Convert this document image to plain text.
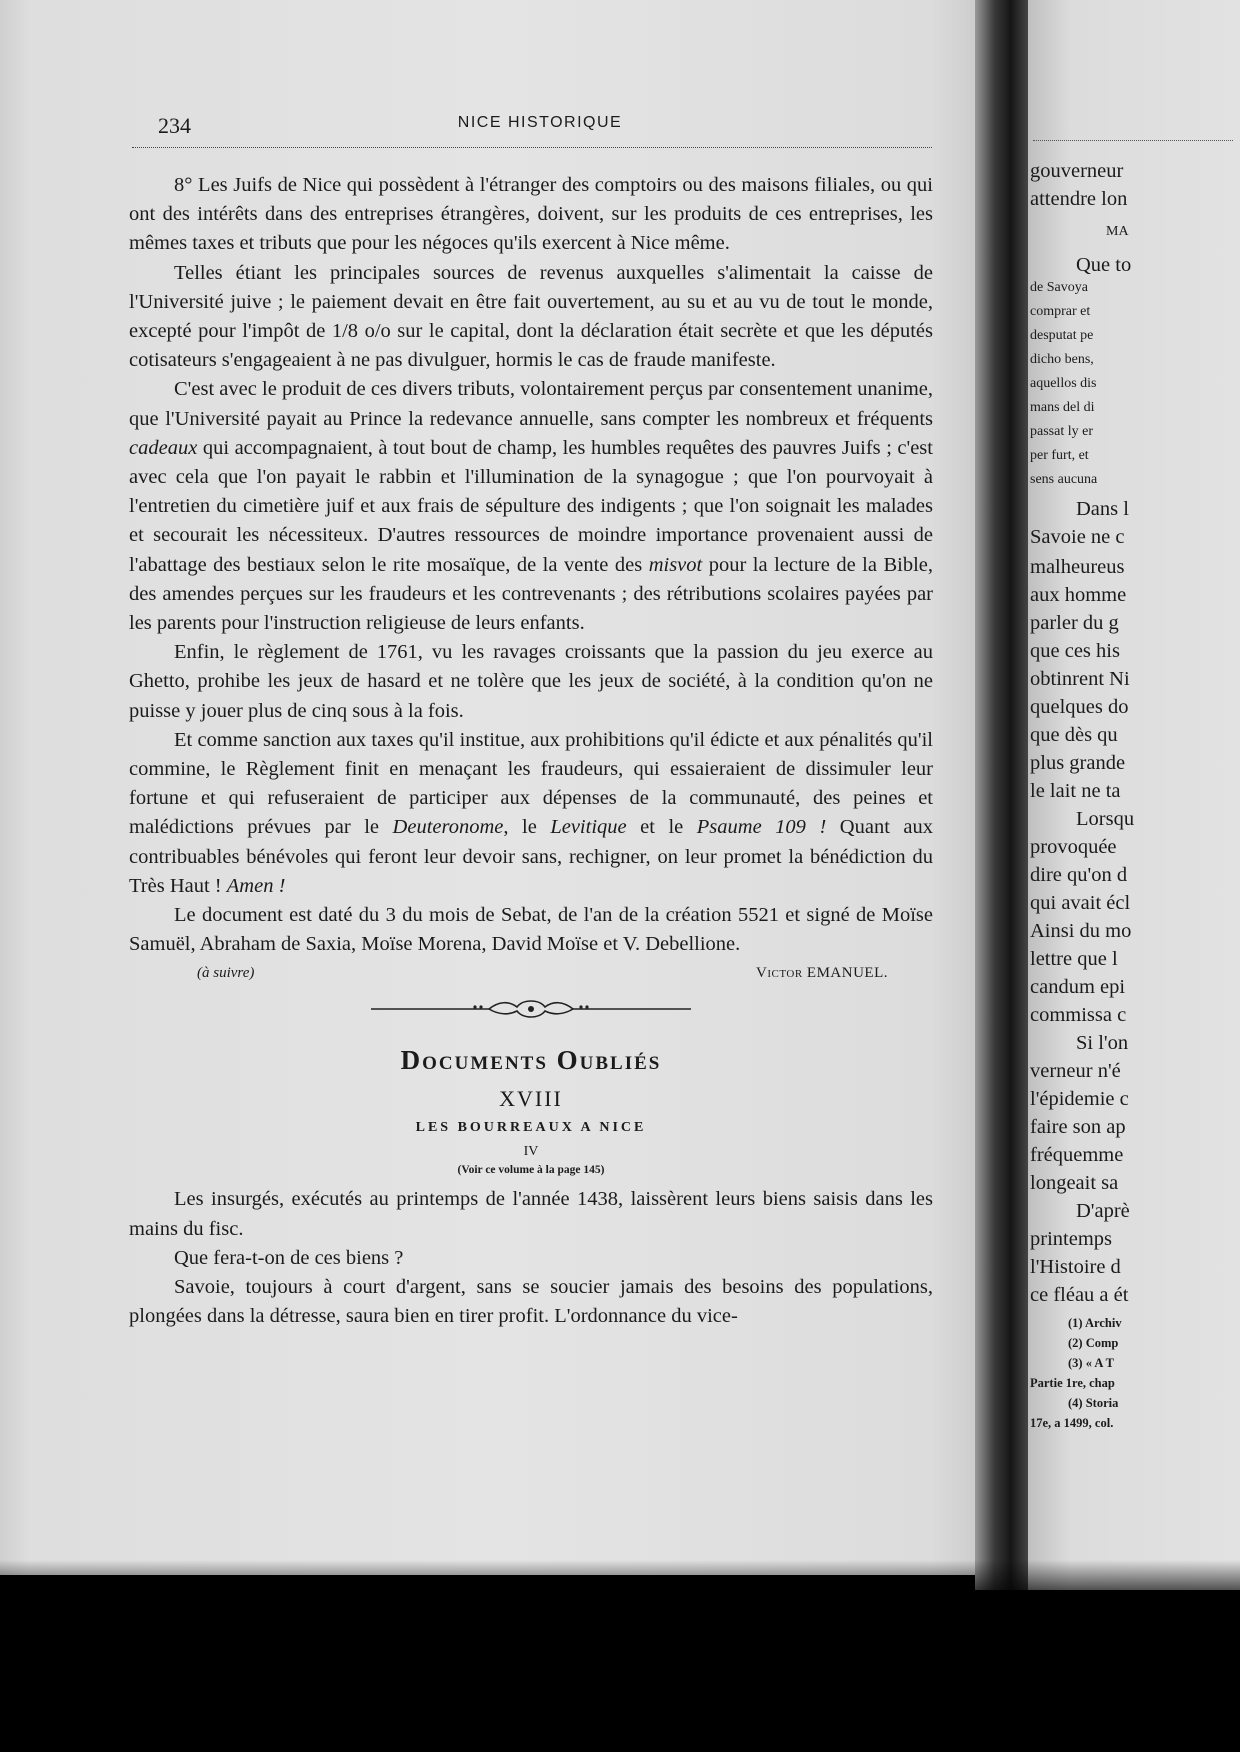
234	NICE HISTORIQUE

8° Les Juifs de Nice qui possèdent à l'étranger des comptoirs ou des maisons filiales, ou qui ont des intérêts dans des entreprises étrangères, doivent, sur les produits de ces entreprises, les mêmes taxes et tributs que pour les négoces qu'ils exercent à Nice même.

Telles étiant les principales sources de revenus auxquelles s'alimentait la caisse de l'Université juive ; le paiement devait en être fait ouvertement, au su et au vu de tout le monde, excepté pour l'impôt de 1/8 o/o sur le capital, dont la déclaration était secrète et que les députés cotisateurs s'engageaient à ne pas divulguer, hormis le cas de fraude manifeste.

C'est avec le produit de ces divers tributs, volontairement perçus par consentement unanime, que l'Université payait au Prince la redevance annuelle, sans compter les nombreux et fréquents cadeaux qui accompagnaient, à tout bout de champ, les humbles requêtes des pauvres Juifs ; c'est avec cela que l'on payait le rabbin et l'illumination de la synagogue ; que l'on pourvoyait à l'entretien du cimetière juif et aux frais de sépulture des indigents ; que l'on soignait les malades et secourait les nécessiteux. D'autres ressources de moindre importance provenaient aussi de l'abattage des bestiaux selon le rite mosaïque, de la vente des misvot pour la lecture de la Bible, des amendes perçues sur les fraudeurs et les contrevenants ; des rétributions scolaires payées par les parents pour l'instruction religieuse de leurs enfants.

Enfin, le règlement de 1761, vu les ravages croissants que la passion du jeu exerce au Ghetto, prohibe les jeux de hasard et ne tolère que les jeux de société, à la condition qu'on ne puisse y jouer plus de cinq sous à la fois.

Et comme sanction aux taxes qu'il institue, aux prohibitions qu'il édicte et aux pénalités qu'il commine, le Règlement finit en menaçant les fraudeurs, qui essaieraient de dissimuler leur fortune et qui refuseraient de participer aux dépenses de la communauté, des peines et malédictions prévues par le Deuteronome, le Levitique et le Psaume 109 ! Quant aux contribuables bénévoles qui feront leur devoir sans, rechigner, on leur promet la bénédiction du Très Haut ! Amen !

Le document est daté du 3 du mois de Sebat, de l'an de la création 5521 et signé de Moïse Samuël, Abraham de Saxia, Moïse Morena, David Moïse et V. Debellione.

(à suivre)	Victor EMANUEL.
Documents Oubliés
XVIII
LES BOURREAUX A NICE
IV
(Voir ce volume à la page 145)

Les insurgés, exécutés au printemps de l'année 1438, laissèrent leurs biens saisis dans les mains du fisc.

Que fera-t-on de ces biens ?

Savoie, toujours à court d'argent, sans se soucier jamais des besoins des populations, plongées dans la détresse, saura bien en tirer profit. L'ordonnance du vice-

gouverneur
attendre lon
MA
Que to
de Savoya
comprar et
desputat pe
dicho bens,
aquellos dis
mans del di
passat ly er
per furt, et
sens aucuna
Dans l
Savoie ne c
malheureus
aux homme
parler du g
que ces his
obtinrent Ni
quelques do
que dès qu
plus grande
le lait ne ta
Lorsqu
provoquée
dire qu'on d
qui avait écl
Ainsi du mo
lettre que l
candum epi
commissa c
Si l'on
verneur n'é
l'épidemie c
faire son ap
fréquemme
longeait sa
D'aprè
printemps
l'Histoire d
ce fléau a ét
(1) Archiv
(2) Comp
(3) « A T
Partie 1re, chap
(4) Storia
17e, a 1499, col.
